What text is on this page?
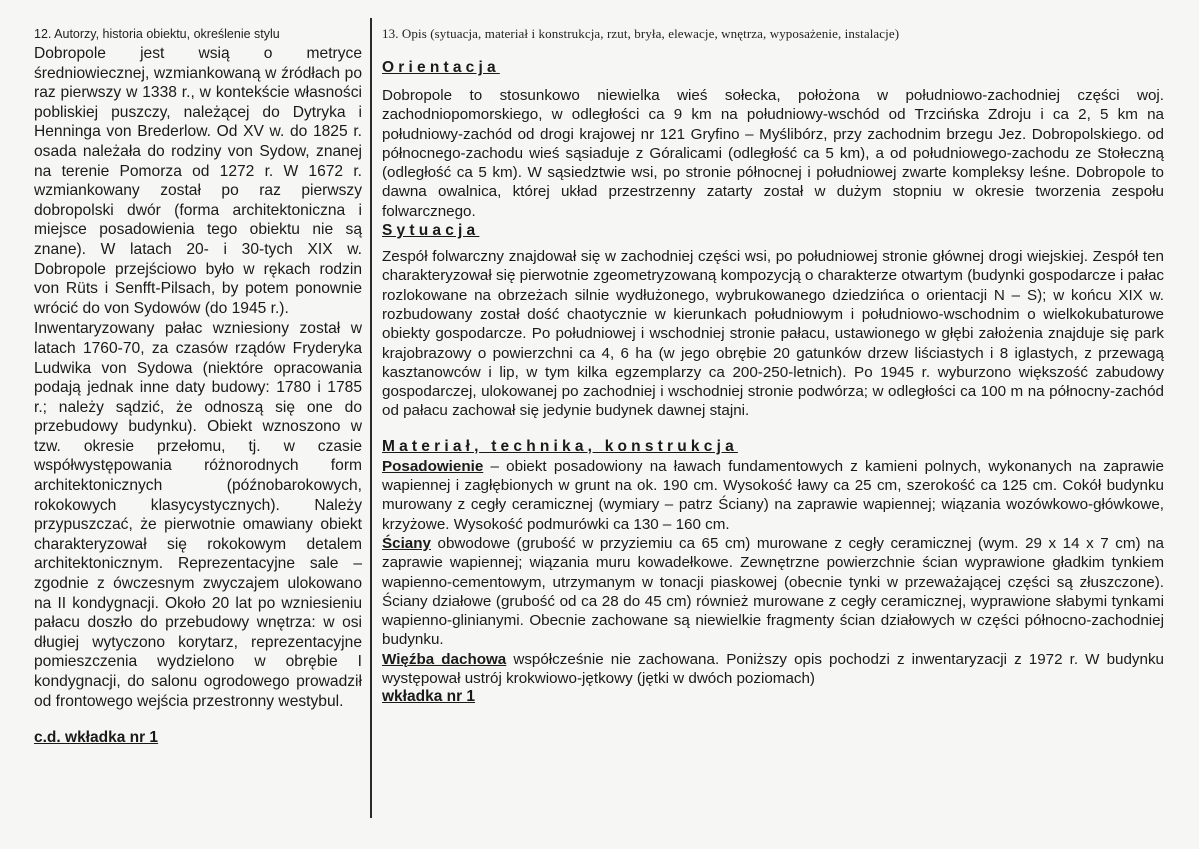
12. Autorzy, historia obiektu, określenie stylu

Dobropole jest wsią o metryce średniowiecznej, wzmiankowaną w źródłach po raz pierwszy w 1338 r., w kontekście własności pobliskiej puszczy, należącej do Dytryka i Henninga von Brederlow. Od XV w. do 1825 r. osada należała do rodziny von Sydow, znanej na terenie Pomorza od 1272 r. W 1672 r. wzmiankowany został po raz pierwszy dobropolski dwór (forma architektoniczna i miejsce posadowienia tego obiektu nie są znane). W latach 20- i 30-tych XIX w. Dobropole przejściowo było w rękach rodzin von Rüts i Senfft-Pilsach, by potem ponownie wrócić do von Sydowów (do 1945 r.).

Inwentaryzowany pałac wzniesiony został w latach 1760-70, za czasów rządów Fryderyka Ludwika von Sydowa (niektóre opracowania podają jednak inne daty budowy: 1780 i 1785 r.; należy sądzić, że odnoszą się one do przebudowy budynku). Obiekt wznoszono w tzw. okresie przełomu, tj. w czasie współwystępowania różnorodnych form architektonicznych (późnobarokowych, rokokowych klasycystycznych). Należy przypuszczać, że pierwotnie omawiany obiekt charakteryzował się rokokowym detalem architektonicznym. Reprezentacyjne sale – zgodnie z ówczesnym zwyczajem ulokowano na II kondygnacji. Około 20 lat po wzniesieniu pałacu doszło do przebudowy wnętrza: w osi długiej wytyczono korytarz, reprezentacyjne pomieszczenia wydzielono w obrębie I kondygnacji, do salonu ogrodowego prowadził od frontowego wejścia przestronny westybul.

c.d. wkładka nr 1
13. Opis (sytuacja, materiał i konstrukcja, rzut, bryła, elewacje, wnętrza, wyposażenie, instalacje)
Orientacja

Dobropole to stosunkowo niewielka wieś sołecka, położona w południowo-zachodniej części woj. zachodniopomorskiego, w odległości ca 9 km na południowy-wschód od Trzcińska Zdroju i ca 2, 5 km na południowy-zachód od drogi krajowej nr 121 Gryfino – Myślibórz, przy zachodnim brzegu Jez. Dobropolskiego. od północnego-zachodu wieś sąsiaduje z Góralicami (odległość ca 5 km), a od południowego-zachodu ze Stołeczną (odległość ca 5 km). W sąsiedztwie wsi, po stronie północnej i południowej zwarte kompleksy leśne. Dobropole to dawna owalnica, której układ przestrzenny zatarty został w dużym stopniu w okresie tworzenia zespołu folwarcznego.

Sytuacja

Zespół folwarczny znajdował się w zachodniej części wsi, po południowej stronie głównej drogi wiejskiej. Zespół ten charakteryzował się pierwotnie zgeometryzowaną kompozycją o charakterze otwartym (budynki gospodarcze i pałac rozlokowane na obrzeżach silnie wydłużonego, wybrukowanego dziedzińca o orientacji N – S); w końcu XIX w. rozbudowany został dość chaotycznie w kierunkach południowym i południowo-wschodnim o wielkokubaturowe obiekty gospodarcze. Po południowej i wschodniej stronie pałacu, ustawionego w głębi założenia znajduje się park krajobrazowy o powierzchni ca 4, 6 ha (w jego obrębie 20 gatunków drzew liściastych i 8 iglastych, z przewagą kasztanowców i lip, w tym kilka egzemplarzy ca 200-250-letnich). Po 1945 r. wyburzono większość zabudowy gospodarczej, ulokowanej po zachodniej i wschodniej stronie podwórza; w odległości ca 100 m na północny-zachód od pałacu zachował się jedynie budynek dawnej stajni.

Materiał, technika, konstrukcja

Posadowienie – obiekt posadowiony na ławach fundamentowych z kamieni polnych, wykonanych na zaprawie wapiennej i zagłębionych w grunt na ok. 190 cm. Wysokość ławy ca 25 cm, szerokość ca 125 cm. Cokół budynku murowany z cegły ceramicznej (wymiary – patrz Ściany) na zaprawie wapiennej; wiązania wozówkowo-główkowe, krzyżowe. Wysokość podmurówki ca 130 – 160 cm.

Ściany obwodowe (grubość w przyziemiu ca 65 cm) murowane z cegły ceramicznej (wym. 29 x 14 x 7 cm) na zaprawie wapiennej; wiązania muru kowadełkowe. Zewnętrzne powierzchnie ścian wyprawione gładkim tynkiem wapienno-cementowym, utrzymanym w tonacji piaskowej (obecnie tynki w przeważającej części są złuszczone). Ściany działowe (grubość od ca 28 do 45 cm) również murowane z cegły ceramicznej, wyprawione słabymi tynkami wapienno-glinianymi. Obecnie zachowane są niewielkie fragmenty ścian działowych w części północno-zachodniej budynku.

Więźba dachowa współcześnie nie zachowana. Poniższy opis pochodzi z inwentaryzacji z 1972 r. W budynku występował ustrój krokwiowo-jętkowy (jętki w dwóch poziomach)

wkładka nr 1
